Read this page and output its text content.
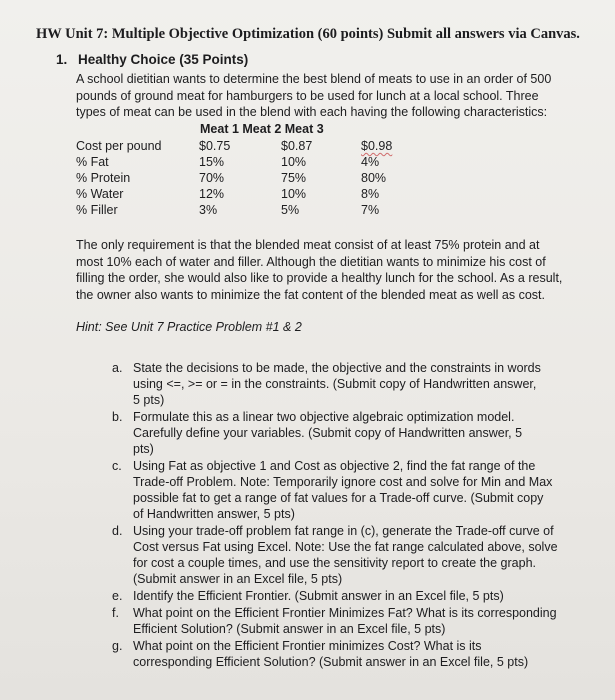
HW Unit 7: Multiple Objective Optimization (60 points) Submit all answers via Canvas.
1. Healthy Choice (35 Points)
A school dietitian wants to determine the best blend of meats to use in an order of 500
pounds of ground meat for hamburgers to be used for lunch at a local school. Three
types of meat can be used in the blend with each having the following characteristics:
Meat 1 Meat 2 Meat 3
Cost per pound	$0.75	$0.87	$0.98
% Fat	15%	10%	4%
% Protein	70%	75%	80%
% Water	12%	10%	8%
% Filler	3%	5%	7%
The only requirement is that the blended meat consist of at least 75% protein and at
most 10% each of water and filler. Although the dietitian wants to minimize his cost of
filling the order, she would also like to provide a healthy lunch for the school. As a result,
the owner also wants to minimize the fat content of the blended meat as well as cost.
Hint: See Unit 7 Practice Problem #1 & 2
a. State the decisions to be made, the objective and the constraints in words
using <=, >= or = in the constraints. (Submit copy of Handwritten answer,
5 pts)
b. Formulate this as a linear two objective algebraic optimization model.
Carefully define your variables. (Submit copy of Handwritten answer, 5
pts)
c. Using Fat as objective 1 and Cost as objective 2, find the fat range of the
Trade-off Problem. Note: Temporarily ignore cost and solve for Min and Max
possible fat to get a range of fat values for a Trade-off curve. (Submit copy
of Handwritten answer, 5 pts)
d. Using your trade-off problem fat range in (c), generate the Trade-off curve of
Cost versus Fat using Excel. Note: Use the fat range calculated above, solve
for cost a couple times, and use the sensitivity report to create the graph.
(Submit answer in an Excel file, 5 pts)
e. Identify the Efficient Frontier. (Submit answer in an Excel file, 5 pts)
f. What point on the Efficient Frontier Minimizes Fat? What is its corresponding
Efficient Solution? (Submit answer in an Excel file, 5 pts)
g. What point on the Efficient Frontier minimizes Cost? What is its
corresponding Efficient Solution? (Submit answer in an Excel file, 5 pts)
